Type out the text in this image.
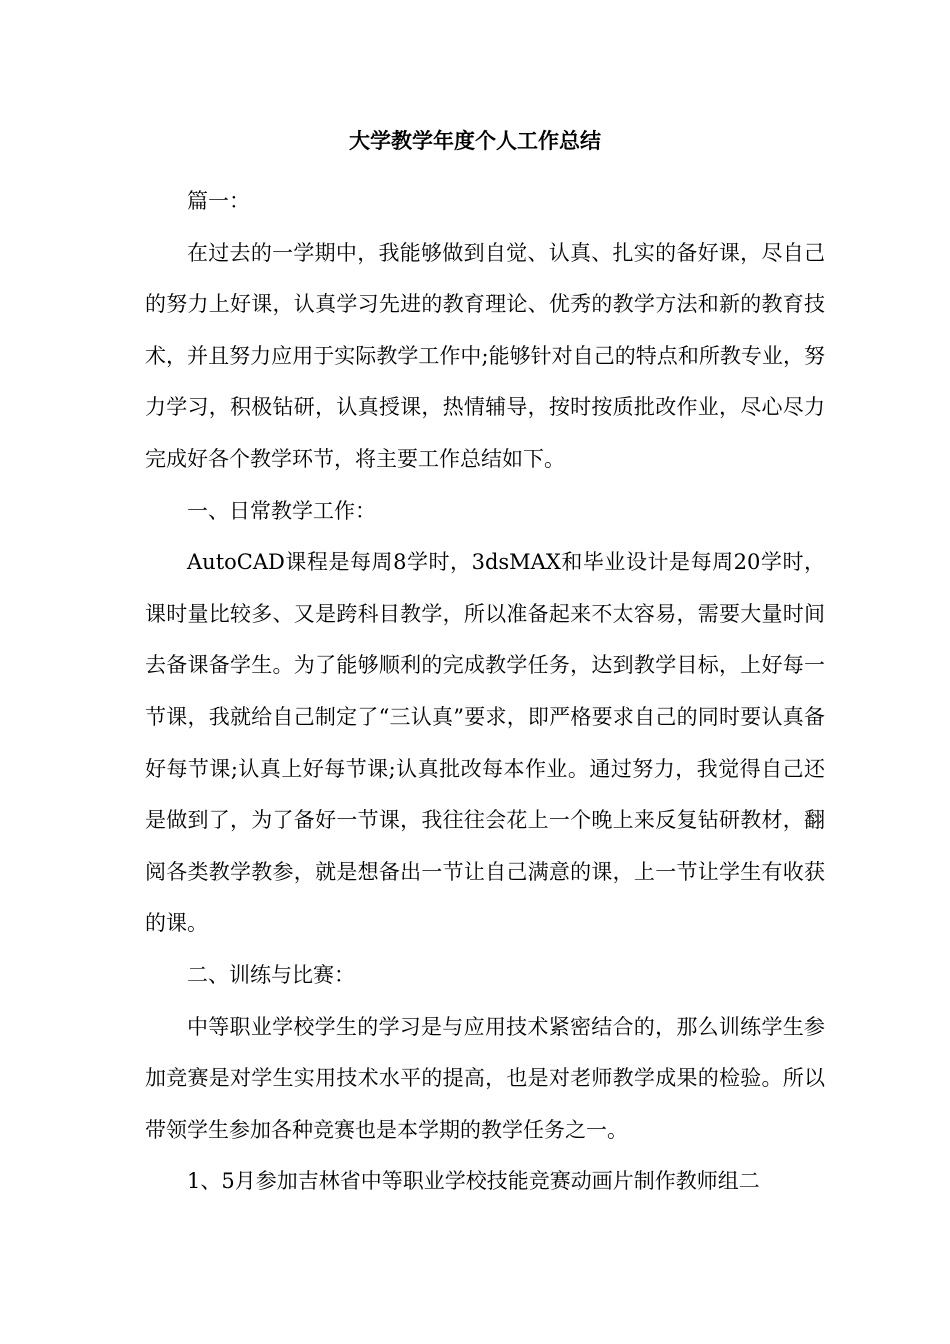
大学教学年度个人工作总结

篇一：

在过去的一学期中，我能够做到自觉、认真、扎实的备好课，尽自己的努力上好课，认真学习先进的教育理论、优秀的教学方法和新的教育技术，并且努力应用于实际教学工作中;能够针对自己的特点和所教专业，努力学习，积极钻研，认真授课，热情辅导，按时按质批改作业，尽心尽力完成好各个教学环节，将主要工作总结如下。

一、日常教学工作：

AutoCAD课程是每周8学时，3dsMAX和毕业设计是每周20学时，课时量比较多、又是跨科目教学，所以准备起来不太容易，需要大量时间去备课备学生。为了能够顺利的完成教学任务，达到教学目标，上好每一节课，我就给自己制定了“三认真”要求，即严格要求自己的同时要认真备好每节课;认真上好每节课;认真批改每本作业。通过努力，我觉得自己还是做到了，为了备好一节课，我往往会花上一个晚上来反复钻研教材，翻阅各类教学教参，就是想备出一节让自己满意的课，上一节让学生有收获的课。

二、训练与比赛：

中等职业学校学生的学习是与应用技术紧密结合的，那么训练学生参加竞赛是对学生实用技术水平的提高，也是对老师教学成果的检验。所以带领学生参加各种竞赛也是本学期的教学任务之一。

1、5月参加吉林省中等职业学校技能竞赛动画片制作教师组二
